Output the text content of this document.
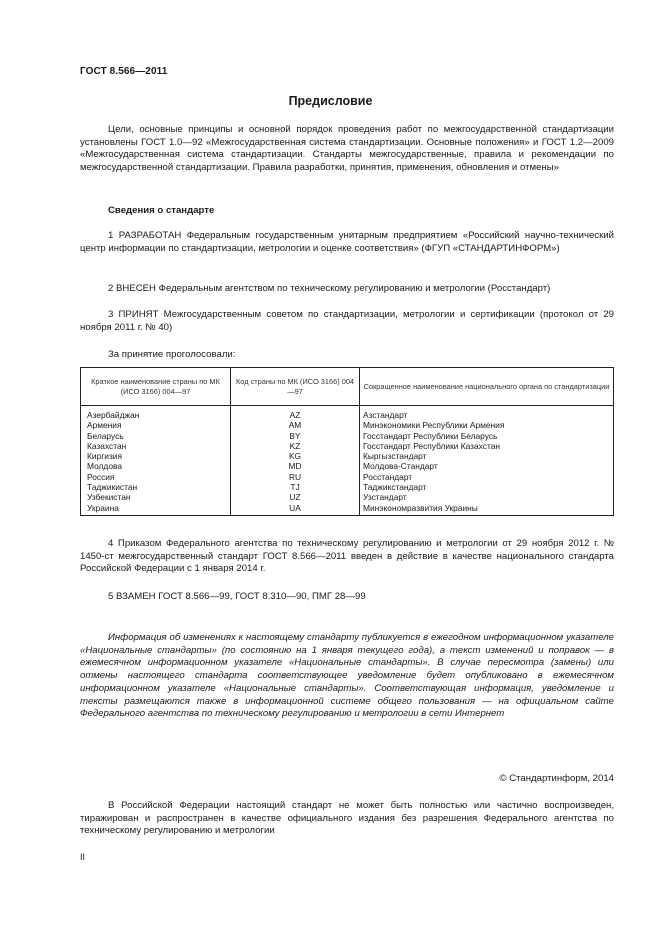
ГОСТ 8.566—2011
Предисловие

Цели, основные принципы и основной порядок проведения работ по межгосударственной стандартизации установлены ГОСТ 1.0—92 «Межгосударственная система стандартизации. Основные положения» и ГОСТ 1.2—2009 «Межгосударственная система стандартизации. Стандарты межгосударственные, правила и рекомендации по межгосударственной стандартизации. Правила разработки, принятия, применения, обновления и отмены»

Сведения о стандарте

1 РАЗРАБОТАН Федеральным государственным унитарным предприятием «Российский научно-технический центр информации по стандартизации, метрологии и оценке соответствия» (ФГУП «СТАНДАРТИНФОРМ»)

2 ВНЕСЕН Федеральным агентством по техническому регулированию и метрологии (Росстандарт)

3 ПРИНЯТ Межгосударственным советом по стандартизации, метрологии и сертификации (протокол от 29 ноября 2011 г. № 40)

За принятие проголосовали:
Краткое наименование страны по МК (ИСО 3166) 004—97	Код страны по МК (ИСО 3166) 004—97	Сокращенное наименование национального органа по стандартизации
Азербайджан	AZ	Азстандарт
Армения	AM	Минэкономики Республики Армения
Беларусь	BY	Госстандарт Республики Беларусь
Казахстан	KZ	Госстандарт Республики Казахстан
Киргизия	KG	Кыргызстандарт
Молдова	MD	Молдова-Стандарт
Россия	RU	Росстандарт
Таджикистан	TJ	Таджикстандарт
Узбекистан	UZ	Узстандарт
Украина	UA	Минэкономразвития Украины

4 Приказом Федерального агентства по техническому регулированию и метрологии от 29 ноября 2012 г. № 1450-ст межгосударственный стандарт ГОСТ 8.566—2011 введен в действие в качестве национального стандарта Российской Федерации с 1 января 2014 г.

5 ВЗАМЕН ГОСТ 8.566—99, ГОСТ 8.310—90, ПМГ 28—99

Информация об изменениях к настоящему стандарту публикуется в ежегодном информационном указателе «Национальные стандарты» (по состоянию на 1 января текущего года), а текст изменений и поправок — в ежемесячном информационном указателе «Национальные стандарты». В случае пересмотра (замены) или отмены настоящего стандарта соответствующее уведомление будет опубликовано в ежемесячном информационном указателе «Национальные стандарты». Соответствующая информация, уведомление и тексты размещаются также в информационной системе общего пользования — на официальном сайте Федерального агентства по техническому регулированию и метрологии в сети Интернет

© Стандартинформ, 2014

В Российской Федерации настоящий стандарт не может быть полностью или частично воспроизведен, тиражирован и распространен в качестве официального издания без разрешения Федерального агентства по техническому регулированию и метрологии

II
